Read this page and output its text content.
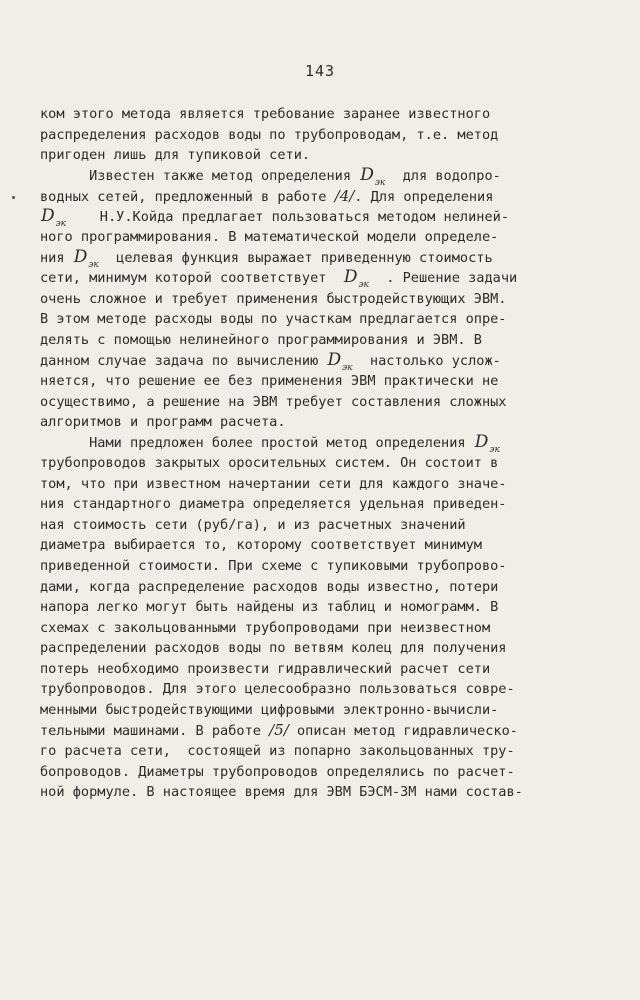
143
ком этого метода является требование заранее известного
распределения расходов воды по трубопроводам, т.е. метод
пригоден лишь для тупиковой сети.
Известен также метод определения $D_{эк}$  для водопро-
водных сетей, предложенный в работе /4/. Для определения
$D_{эк}$    Н.У.Койда предлагает пользоваться методом нелиней-
ного программирования. В математической модели определе-
ния $D_{эк}$  целевая функция выражает приведенную стоимость
сети, минимум которой соответствует  $D_{эк}$  . Решение задачи
очень сложное и требует применения быстродействующих ЭВМ.
В этом методе расходы воды по участкам предлагается опре-
делять с помощью нелинейного программирования и ЭВМ. В
данном случае задача по вычислению $D_{эк}$  настолько услож-
няется, что решение ее без применения ЭВМ практически не
осуществимо, а решение на ЭВМ требует составления сложных
алгоритмов и программ расчета.
Нами предложен более простой метод определения $D_{эк}$
трубопроводов закрытых оросительных систем. Он состоит в
том, что при известном начертании сети для каждого значе-
ния стандартного диаметра определяется удельная приведен-
ная стоимость сети (руб/га), и из расчетных значений
диаметра выбирается то, которому соответствует минимум
приведенной стоимости. При схеме с тупиковыми трубопрово-
дами, когда распределение расходов воды известно, потери
напора легко могут быть найдены из таблиц и номограмм. В
схемах с закольцованными трубопроводами при неизвестном
распределении расходов воды по ветвям колец для получения
потерь необходимо произвести гидравлический расчет сети
трубопроводов. Для этого целесообразно пользоваться совре-
менными быстродействующими цифровыми электронно-вычисли-
тельными машинами. В работе /5/ описан метод гидравлическо-
го расчета сети,  состоящей из попарно закольцованных тру-
бопроводов. Диаметры трубопроводов определялись по расчет-
ной формуле. В настоящее время для ЭВМ БЭСМ-3М нами состав-
